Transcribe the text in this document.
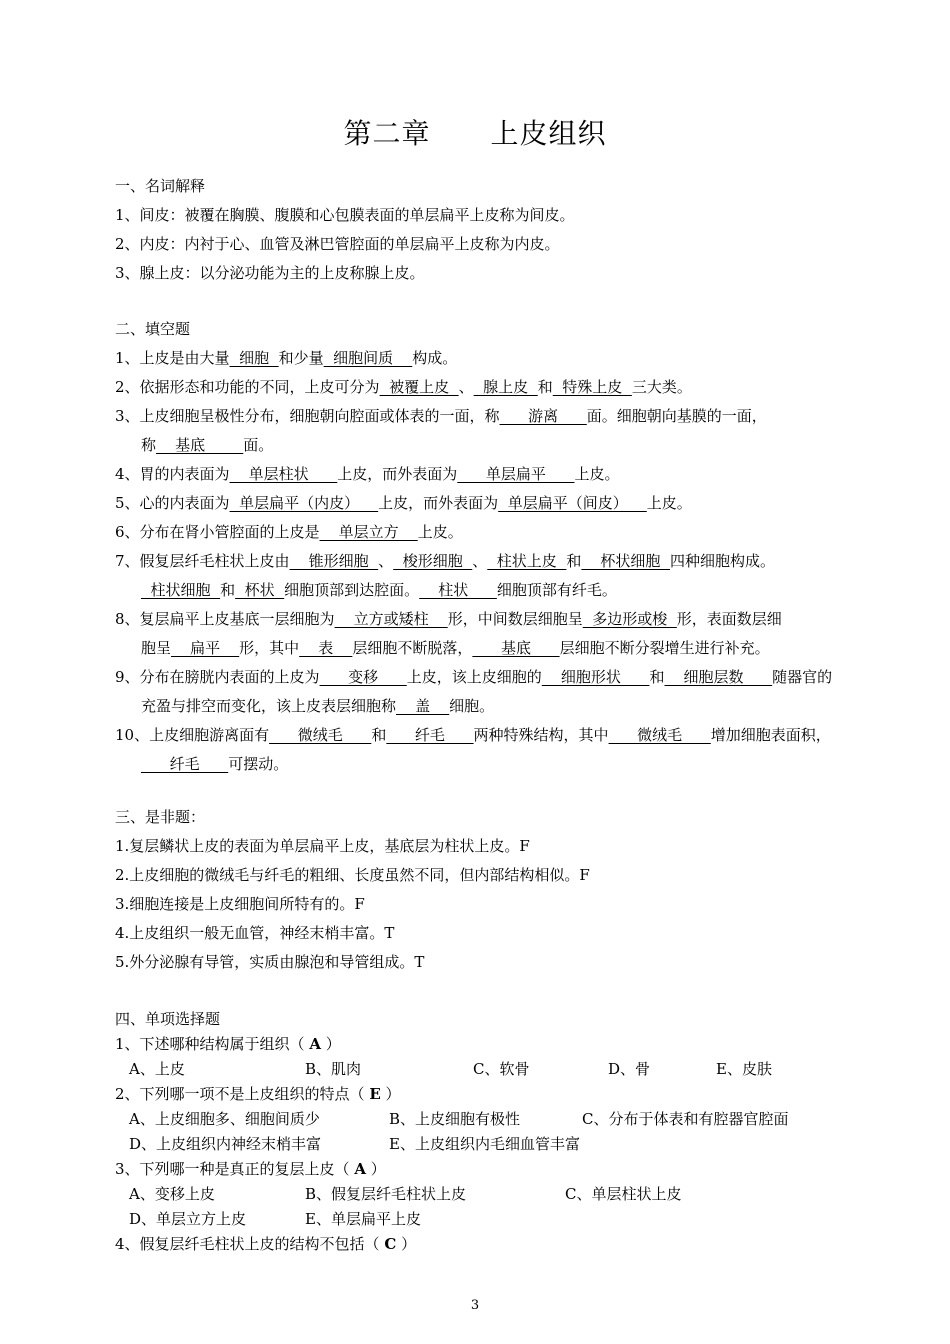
第二章 上皮组织
一、名词解释
1、间皮：被覆在胸膜、腹膜和心包膜表面的单层扁平上皮称为间皮。
2、内皮：内衬于心、血管及淋巴管腔面的单层扁平上皮称为内皮。
3、腺上皮：以分泌功能为主的上皮称腺上皮。
二、填空题
1、上皮是由大量  细胞  和少量  细胞间质    构成。
2、依据形态和功能的不同，上皮可分为  被覆上皮  、  腺上皮  和  特殊上皮  三大类。
3、上皮细胞呈极性分布，细胞朝向腔面或体表的一面，称      游离      面。细胞朝向基膜的一面，
称    基底        面。
4、胃的内表面为    单层柱状      上皮，而外表面为      单层扁平      上皮。
5、心的内表面为  单层扁平（内皮）    上皮，而外表面为  单层扁平（间皮）    上皮。
6、分布在肾小管腔面的上皮是    单层立方    上皮。
7、假复层纤毛柱状上皮由    锥形细胞  、  梭形细胞  、  柱状上皮  和    杯状细胞  四种细胞构成。
柱状细胞  和  杯状  细胞顶部到达腔面。    柱状      细胞顶部有纤毛。
8、复层扁平上皮基底一层细胞为    立方或矮柱    形，中间数层细胞呈  多边形或梭  形，表面数层细
胞呈    扁平    形，其中    表    层细胞不断脱落，      基底      层细胞不断分裂增生进行补充。
9、分布在膀胱内表面的上皮为      变移      上皮，该上皮细胞的    细胞形状      和    细胞层数      随器官的
充盈与排空而变化，该上皮表层细胞称    盖    细胞。
10、上皮细胞游离面有      微绒毛      和      纤毛      两种特殊结构，其中      微绒毛      增加细胞表面积，
纤毛      可摆动。
三、是非题：
1.复层鳞状上皮的表面为单层扁平上皮，基底层为柱状上皮。F
2.上皮细胞的微绒毛与纤毛的粗细、长度虽然不同，但内部结构相似。F
3.细胞连接是上皮细胞间所特有的。F
4.上皮组织一般无血管，神经末梢丰富。T
5.外分泌腺有导管，实质由腺泡和导管组成。T
四、单项选择题
1、下述哪种结构属于组织（ A ）
A、上皮	B、肌肉	C、软骨	D、骨	E、皮肤
2、下列哪一项不是上皮组织的特点（ E ）
A、上皮细胞多、细胞间质少	B、上皮细胞有极性	C、分布于体表和有腔器官腔面
D、上皮组织内神经末梢丰富	E、上皮组织内毛细血管丰富
3、下列哪一种是真正的复层上皮（ A ）
A、变移上皮	B、假复层纤毛柱状上皮	C、单层柱状上皮
D、单层立方上皮	E、单层扁平上皮
4、假复层纤毛柱状上皮的结构不包括（ C ）
3
